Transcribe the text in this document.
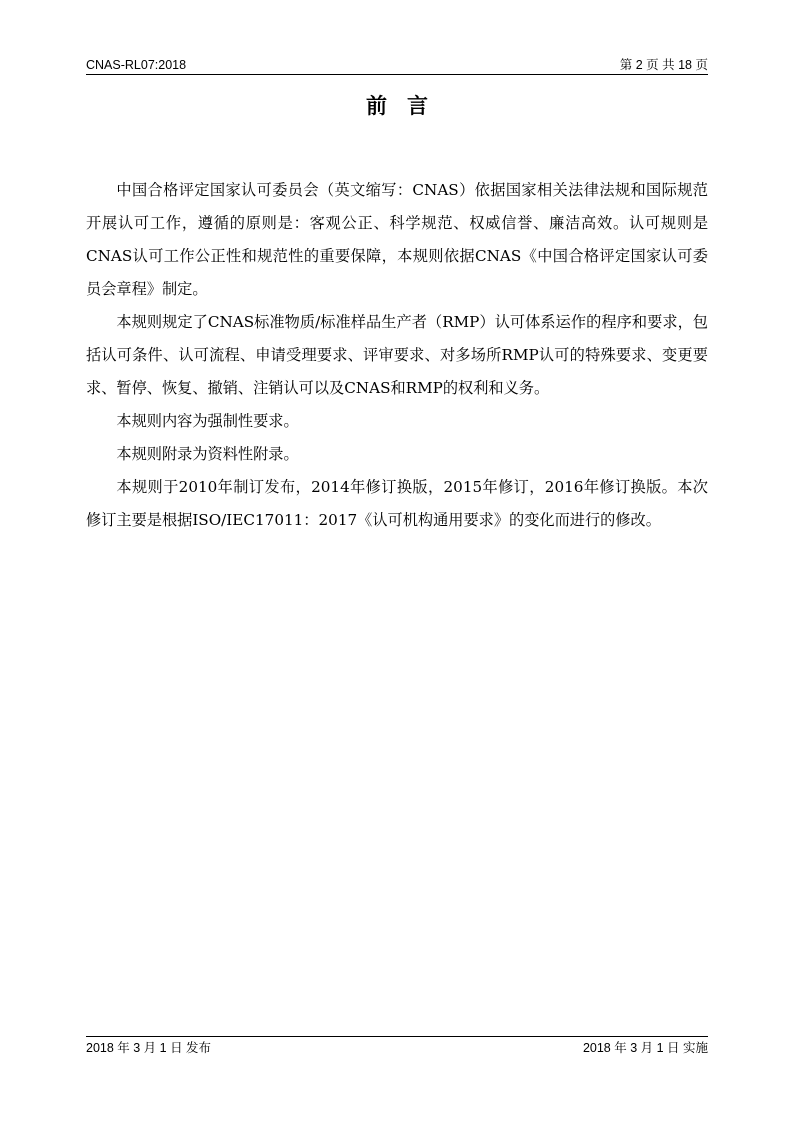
CNAS-RL07:2018	第 2 页 共 18 页
前言

中国合格评定国家认可委员会（英文缩写：CNAS）依据国家相关法律法规和国际规范开展认可工作，遵循的原则是：客观公正、科学规范、权威信誉、廉洁高效。认可规则是CNAS认可工作公正性和规范性的重要保障，本规则依据CNAS《中国合格评定国家认可委员会章程》制定。

本规则规定了CNAS标准物质/标准样品生产者（RMP）认可体系运作的程序和要求，包括认可条件、认可流程、申请受理要求、评审要求、对多场所RMP认可的特殊要求、变更要求、暂停、恢复、撤销、注销认可以及CNAS和RMP的权利和义务。

本规则内容为强制性要求。

本规则附录为资料性附录。

本规则于2010年制订发布，2014年修订换版，2015年修订，2016年修订换版。本次修订主要是根据ISO/IEC17011：2017《认可机构通用要求》的变化而进行的修改。

2018 年 3 月 1 日 发布	2018 年 3 月 1 日 实施
